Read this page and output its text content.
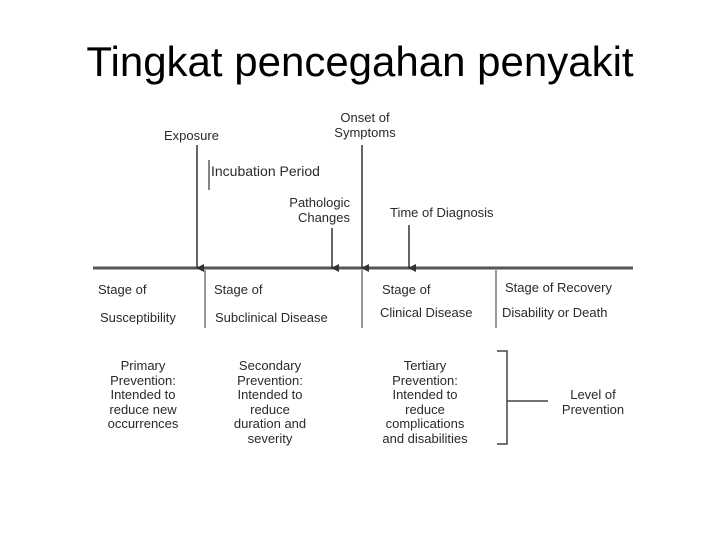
Tingkat pencegahan penyakit
Exposure
Onset of
Symptoms
Incubation Period
Pathologic
Changes	Time of Diagnosis
Stage of
Susceptibility
Stage of
Subclinical Disease
Stage of
Clinical Disease
Stage of Recovery
Disability or Death
Primary
Prevention:
Intended to
reduce new
occurrences
Secondary
Prevention:
Intended to
reduce
duration and
severity
Tertiary
Prevention:
Intended to
reduce
complications
and disabilities
Level of
Prevention
